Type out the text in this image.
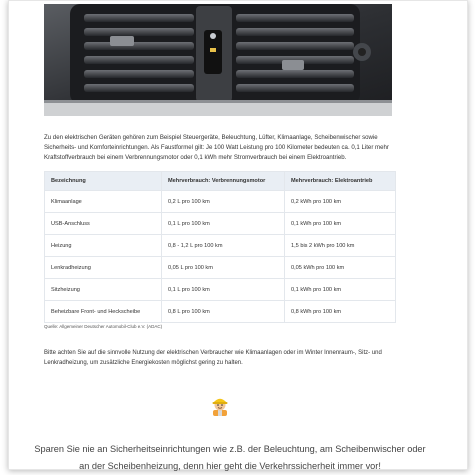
Zu den elektrischen Geräten gehören zum Beispiel Steuergeräte, Beleuchtung, Lüfter, Klimaanlage, Scheibenwischer sowie Sicherheits- und Komforteinrichtungen. Als Faustformel gilt: Je 100 Watt Leistung pro 100 Kilometer bedeuten ca. 0,1 Liter mehr Kraftstoffverbrauch bei einem Verbrennungsmotor oder 0,1 kWh mehr Stromverbrauch bei einem Elektroantrieb.

Bezeichnung	Mehrverbrauch: Verbrennungsmotor	Mehrverbrauch: Elektroantrieb
Klimaanlage	0,2 L pro 100 km	0,2 kWh pro 100 km
USB-Anschluss	0,1 L pro 100 km	0,1 kWh pro 100 km
Heizung	0,8 - 1,2 L pro 100 km	1,5 bis 2 kWh pro 100 km
Lenkradheizung	0,05 L pro 100 km	0,05 kWh pro 100 km
Sitzheizung	0,1 L pro 100 km	0,1 kWh pro 100 km
Beheizbare Front- und Heckscheibe	0,8 L pro 100 km	0,8 kWh pro 100 km
Quelle: Allgemeiner Deutscher Automobil-Club e.V. (ADAC)

Bitte achten Sie auf die sinnvolle Nutzung der elektrischen Verbraucher wie Klimaanlagen oder im Winter Innenraum-, Sitz- und Lenkradheizung, um zusätzliche Energiekosten möglichst gering zu halten.

Sparen Sie nie an Sicherheitseinrichtungen wie z.B. der Beleuchtung, am Scheibenwischer oder an der Scheibenheizung, denn hier geht die Verkehrssicherheit immer vor!
